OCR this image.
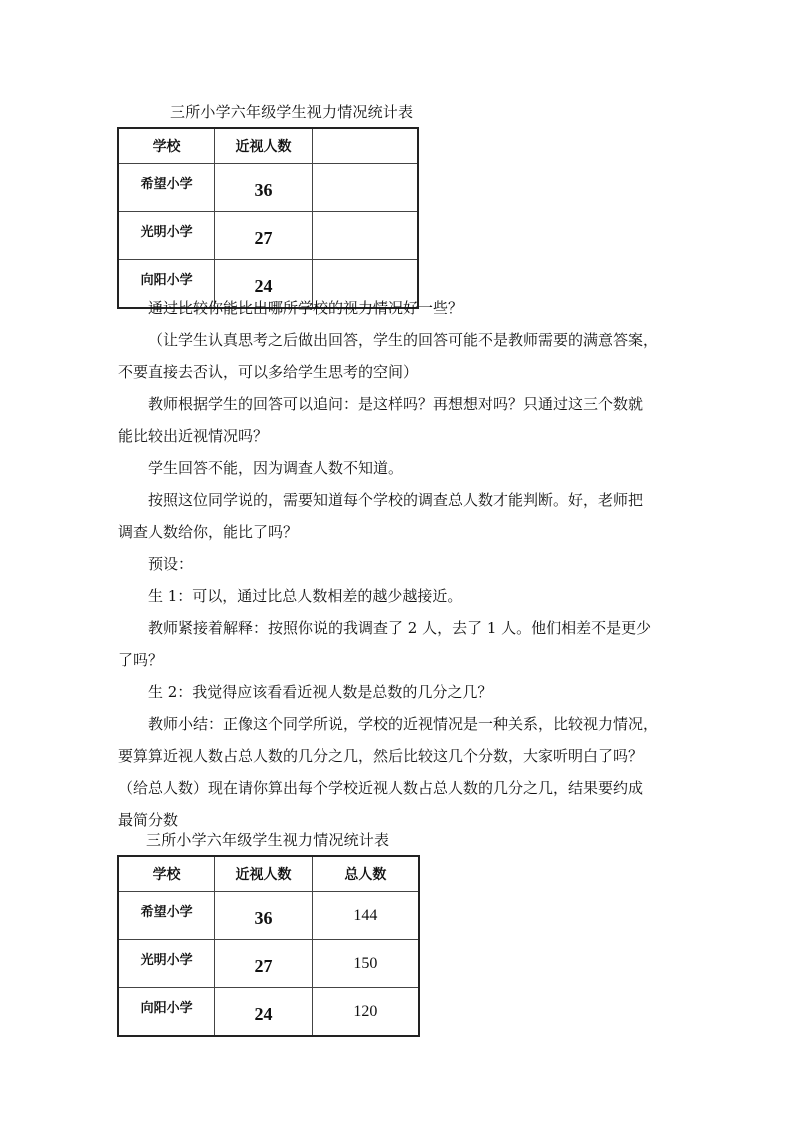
三所小学六年级学生视力情况统计表
学校	近视人数	
希望小学	36	
光明小学	27	
向阳小学	24	
通过比较你能比出哪所学校的视力情况好一些？
（让学生认真思考之后做出回答，学生的回答可能不是教师需要的满意答案，
不要直接去否认，可以多给学生思考的空间）
教师根据学生的回答可以追问：是这样吗？再想想对吗？只通过这三个数就
能比较出近视情况吗？
学生回答不能，因为调查人数不知道。
按照这位同学说的，需要知道每个学校的调查总人数才能判断。好，老师把
调查人数给你，能比了吗？
预设：
生 1：可以，通过比总人数相差的越少越接近。
教师紧接着解释：按照你说的我调查了 2 人，去了 1 人。他们相差不是更少
了吗？
生 2：我觉得应该看看近视人数是总数的几分之几？
教师小结：正像这个同学所说，学校的近视情况是一种关系，比较视力情况，
要算算近视人数占总人数的几分之几，然后比较这几个分数，大家听明白了吗？
（给总人数）现在请你算出每个学校近视人数占总人数的几分之几，结果要约成
最简分数
三所小学六年级学生视力情况统计表
学校	近视人数	总人数
希望小学	36	144
光明小学	27	150
向阳小学	24	120
